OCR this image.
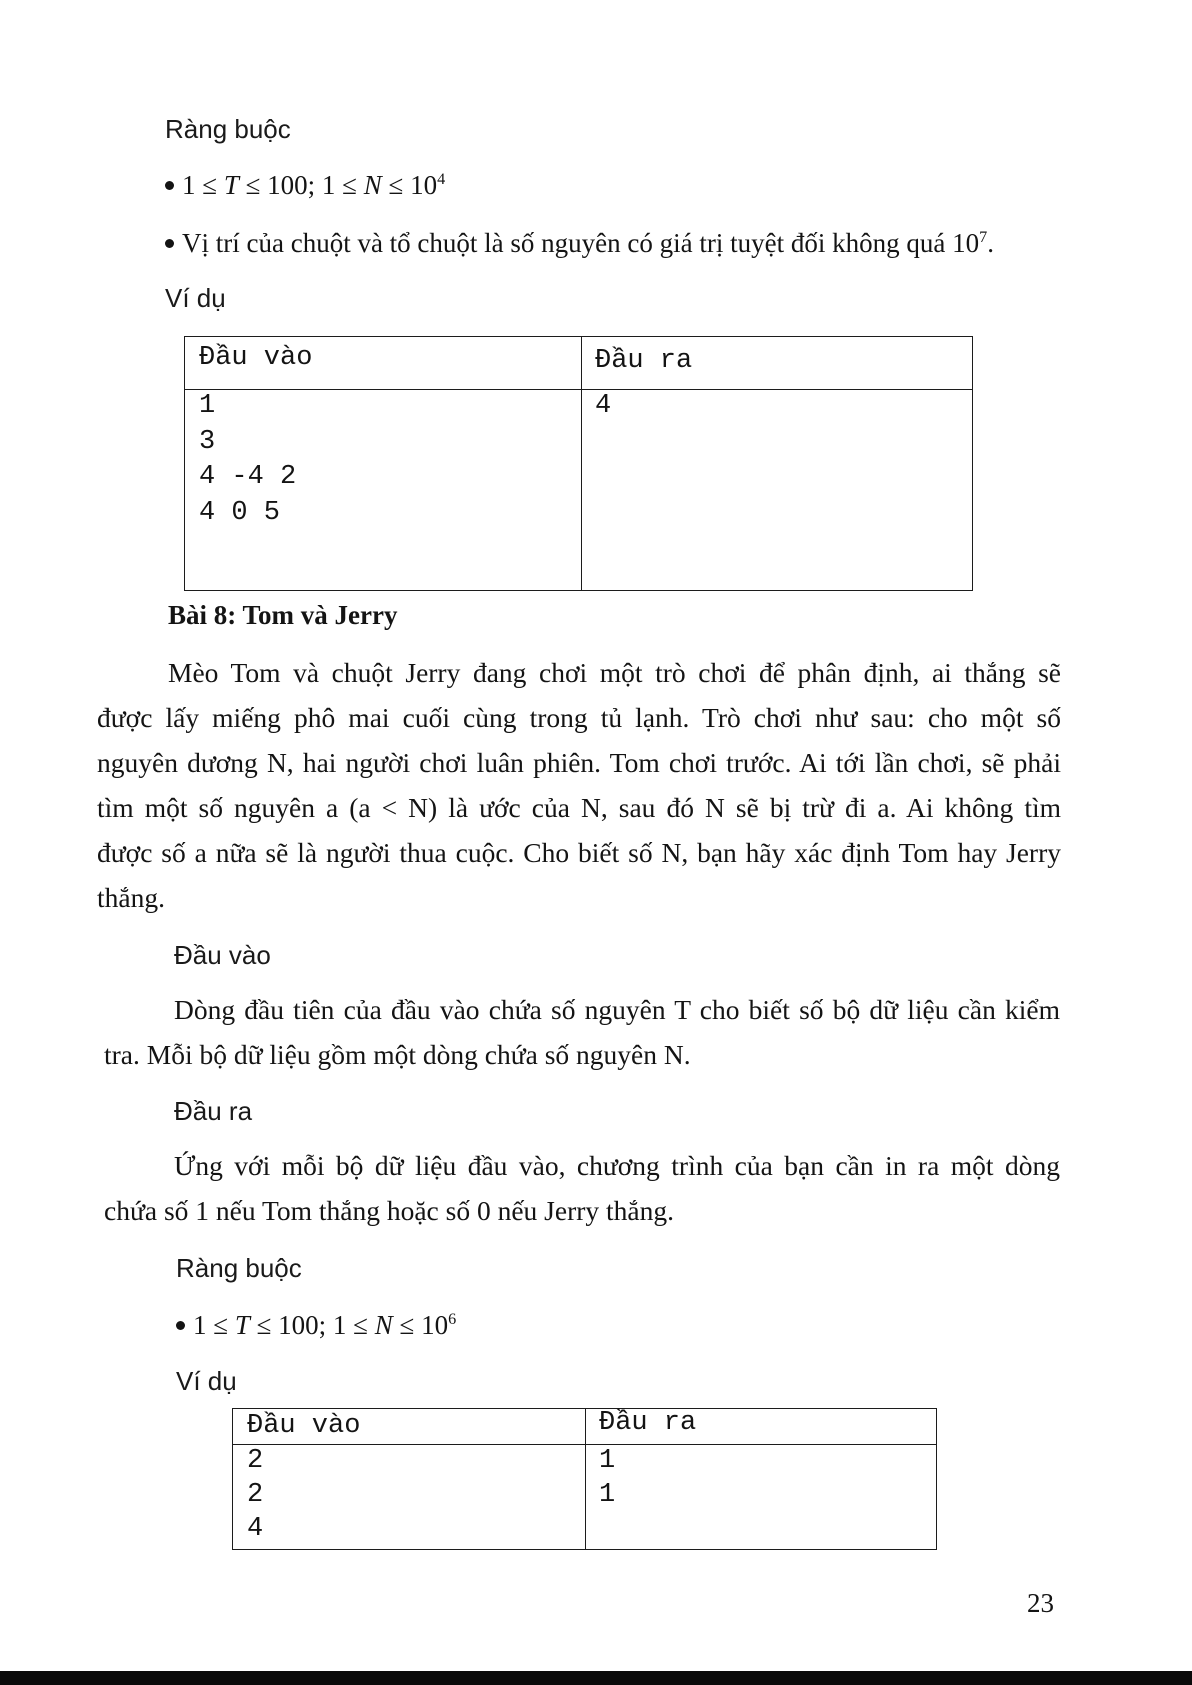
Ràng buộc
1 ≤ T ≤ 100; $1 \le N \le 10^4$
Vị trí của chuột và tổ chuột là số nguyên có giá trị tuyệt đối không quá $10^7$.
Ví dụ
Đầu vào	Đầu ra
1
3
4 -4 2
4 0 5
4
Bài 8: Tom và Jerry
Mèo Tom và chuột Jerry đang chơi một trò chơi để phân định, ai thắng sẽ
được lấy miếng phô mai cuối cùng trong tủ lạnh. Trò chơi như sau: cho một số
nguyên dương N, hai người chơi luân phiên. Tom chơi trước. Ai tới lần chơi, sẽ phải
tìm một số nguyên a (a < N) là ước của N, sau đó N sẽ bị trừ đi a. Ai không tìm
được số a nữa sẽ là người thua cuộc. Cho biết số N, bạn hãy xác định Tom hay Jerry
thắng.
Đầu vào
Dòng đầu tiên của đầu vào chứa số nguyên T cho biết số bộ dữ liệu cần kiểm
tra. Mỗi bộ dữ liệu gồm một dòng chứa số nguyên N.
Đầu ra
Ứng với mỗi bộ dữ liệu đầu vào, chương trình của bạn cần in ra một dòng
chứa số 1 nếu Tom thắng hoặc số 0 nếu Jerry thắng.
Ràng buộc
1 ≤ T ≤ 100; $1 \le N \le 10^6$
Ví dụ
Đầu vào	Đầu ra
2
2
4
1
1
23
